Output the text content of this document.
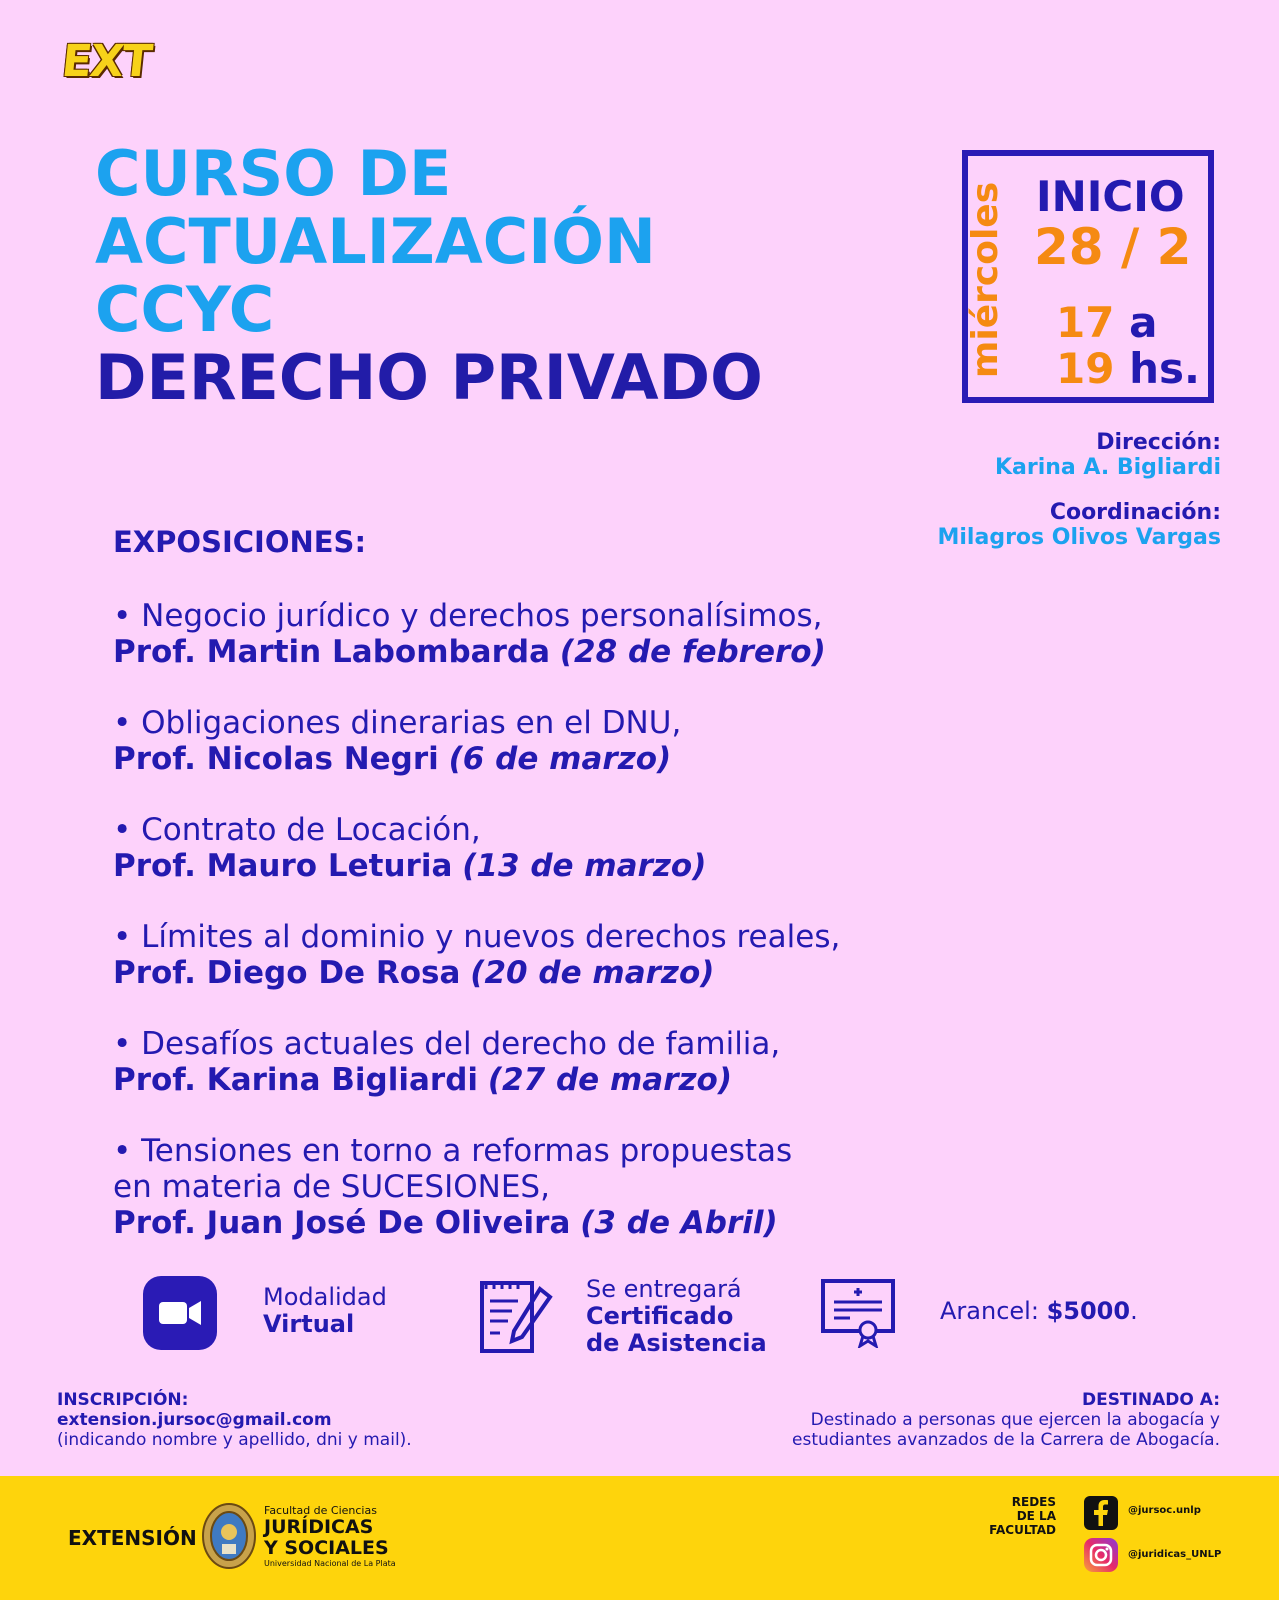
EXT
CURSO DE
ACTUALIZACIÓN
CCYC
DERECHO PRIVADO	miércoles INICIO
28 / 2
17 a
19 hs.
Dirección:
Karina A. Bigliardi
Coordinación:
Milagros Olivos Vargas
EXPOSICIONES:
• Negocio jurídico y derechos personalísimos,
Prof. Martin Labombarda (28 de febrero)
• Obligaciones dinerarias en el DNU,
Prof. Nicolas Negri (6 de marzo)
• Contrato de Locación,
Prof. Mauro Leturia (13 de marzo)
• Límites al dominio y nuevos derechos reales,
Prof. Diego De Rosa (20 de marzo)
• Desafíos actuales del derecho de familia,
Prof. Karina Bigliardi (27 de marzo)
• Tensiones en torno a reformas propuestas
en materia de SUCESIONES,
Prof. Juan José De Oliveira (3 de Abril)
Modalidad
Virtual
Se entregará
Certificado
de Asistencia
Arancel: $5000.
INSCRIPCIÓN:
extension.jursoc@gmail.com
(indicando nombre y apellido, dni y mail).
DESTINADO A:
Destinado a personas que ejercen la abogacía y
estudiantes avanzados de la Carrera de Abogacía.
EXTENSIÓN
Facultad de Ciencias
JURÍDICAS
Y SOCIALES
Universidad Nacional de La Plata
REDES
DE LA
FACULTAD
@jursoc.unlp
@juridicas_UNLP
